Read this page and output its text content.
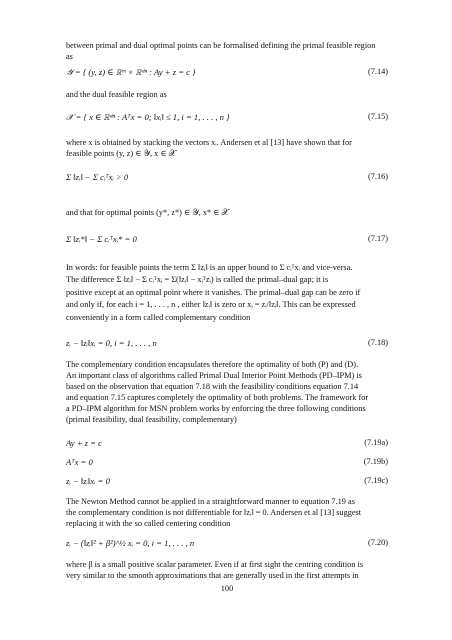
between primal and dual optimal points can be formalised defining the primal feasible region
as
𝒴 = { (y, z) ∈ ℝᵐ × ℝᵈⁿ : Ay + z = c }	(7.14)
and the dual feasible region as
𝒳 = { x ∈ ℝᵈⁿ : Aᵀx = 0; ‖xᵢ‖ ≤ 1, i = 1, . . . , n }	(7.15)
where x is obtained by stacking the vectors xᵢ. Andersen et al [13] have shown that for
feasible points (y, z) ∈ 𝒴, x ∈ 𝒳
Σ ‖zᵢ‖ − Σ cᵢᵀxᵢ > 0	(7.16)
and that for optimal points (y*, z*) ∈ 𝒴, x* ∈ 𝒳
Σ ‖zᵢ*‖ − Σ cᵢᵀxᵢ* = 0	(7.17)
In words: for feasible points the term Σ ‖zᵢ‖ is an upper bound to Σ cᵢᵀxᵢ and vice-versa.
The difference Σ ‖zᵢ‖ − Σ cᵢᵀxᵢ = Σ(‖zᵢ‖ − xᵢᵀzᵢ) is called the primal–dual gap; it is
positive except at an optimal point where it vanishes. The primal–dual gap can be zero if
and only if, for each i = 1, . . . , n , either ‖zᵢ‖ is zero or xᵢ = zᵢ/‖zᵢ‖. This can be expressed
conveniently in a form called complementary condition
zᵢ − ‖zᵢ‖xᵢ = 0, i = 1, . . . , n	(7.18)
The complementary condition encapsulates therefore the optimality of both (P) and (D).
An important class of algorithms called Primal Dual Interior Point Methods (PD–IPM) is
based on the observation that equation 7.18 with the feasibility conditions equation 7.14
and equation 7.15 captures completely the optimality of both problems. The framework for
a PD–IPM algorithm for MSN problem works by enforcing the three following conditions
(primal feasibility, dual feasibility, complementary)
Ay + z = c	(7.19a)
Aᵀx = 0	(7.19b)
zᵢ − ‖zᵢ‖xᵢ = 0	(7.19c)
The Newton Method cannot be applied in a straightforward manner to equation 7.19 as
the complementary condition is not differentiable for ‖zᵢ‖ = 0. Andersen et al [13] suggest
replacing it with the so called centering condition
zᵢ − (‖zᵢ‖² + β²)^½ xᵢ = 0, i = 1, . . . , n	(7.20)
where β is a small positive scalar parameter. Even if at first sight the centring condition is
very similar to the smooth approximations that are generally used in the first attempts in
100
